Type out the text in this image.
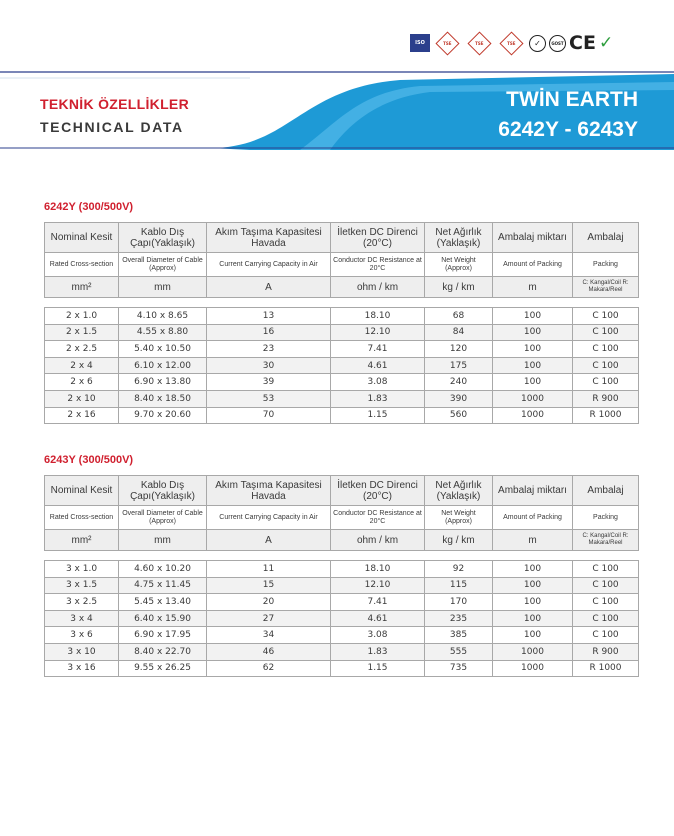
ISO	TSE	TSE	TSE	✓	GOST CE ✓
TEKNİK ÖZELLİKLER
TECHNICAL DATA
TWİN EARTH
6242Y - 6243Y
6242Y (300/500V)
Nominal Kesit	Kablo Dış Çapı(Yaklaşık)	Akım Taşıma Kapasitesi Havada	İletken DC Direnci (20°C)	Net Ağırlık (Yaklaşık)	Ambalaj miktarı	Ambalaj
Rated Cross-section	Overall Diameter of Cable (Approx)	Current Carrying Capacity in Air	Conductor DC Resistance at 20°C	Net Weight (Approx)	Amount of Packing	Packing
mm²	mm	A	ohm / km	kg / km	m	C: Kangal/Coil R: Makara/Reel

2 x 1.0	4.10 x 8.65	13	18.10	68	100	C 100
2 x 1.5	4.55 x 8.80	16	12.10	84	100	C 100
2 x 2.5	5.40 x 10.50	23	7.41	120	100	C 100
2 x 4	6.10 x 12.00	30	4.61	175	100	C 100
2 x 6	6.90 x 13.80	39	3.08	240	100	C 100
2 x 10	8.40 x 18.50	53	1.83	390	1000	R 900
2 x 16	9.70 x 20.60	70	1.15	560	1000	R 1000
6243Y (300/500V)
Nominal Kesit	Kablo Dış Çapı(Yaklaşık)	Akım Taşıma Kapasitesi Havada	İletken DC Direnci (20°C)	Net Ağırlık (Yaklaşık)	Ambalaj miktarı	Ambalaj
Rated Cross-section	Overall Diameter of Cable (Approx)	Current Carrying Capacity in Air	Conductor DC Resistance at 20°C	Net Weight (Approx)	Amount of Packing	Packing
mm²	mm	A	ohm / km	kg / km	m	C: Kangal/Coil R: Makara/Reel

3 x 1.0	4.60 x 10.20	11	18.10	92	100	C 100
3 x 1.5	4.75 x 11.45	15	12.10	115	100	C 100
3 x 2.5	5.45 x 13.40	20	7.41	170	100	C 100
3 x 4	6.40 x 15.90	27	4.61	235	100	C 100
3 x 6	6.90 x 17.95	34	3.08	385	100	C 100
3 x 10	8.40 x 22.70	46	1.83	555	1000	R 900
3 x 16	9.55 x 26.25	62	1.15	735	1000	R 1000
